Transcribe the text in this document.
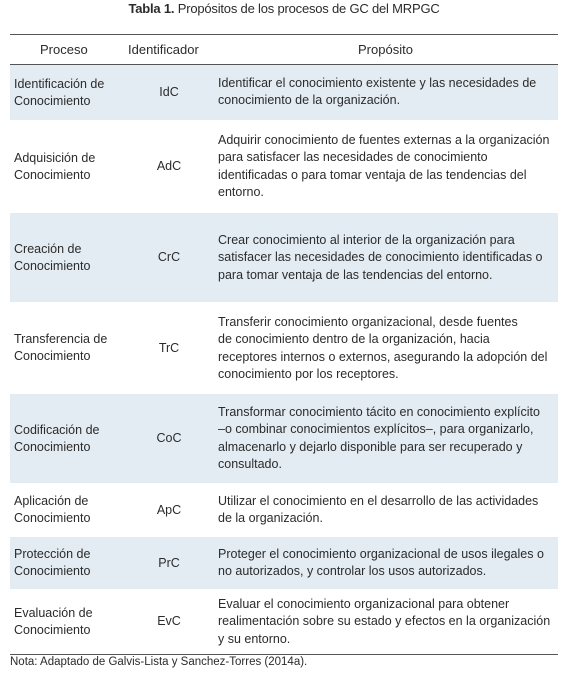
Tabla 1. Propósitos de los procesos de GC del MRPGC
Proceso	Identificador	Propósito
Identificación de
Conocimiento
IdC
Identificar el conocimiento existente y las necesidades de
conocimiento de la organización.
Adquisición de
Conocimiento
AdC
Adquirir conocimiento de fuentes externas a la organización
para satisfacer las necesidades de conocimiento
identificadas o para tomar ventaja de las tendencias del
entorno.
Creación de
Conocimiento
CrC
Crear conocimiento al interior de la organización para
satisfacer las necesidades de conocimiento identificadas o
para tomar ventaja de las tendencias del entorno.
Transferencia de
Conocimiento
TrC
Transferir conocimiento organizacional, desde fuentes
de conocimiento dentro de la organización, hacia
receptores internos o externos, asegurando la adopción del
conocimiento por los receptores.
Codificación de
Conocimiento
CoC
Transformar conocimiento tácito en conocimiento explícito
–o combinar conocimientos explícitos–, para organizarlo,
almacenarlo y dejarlo disponible para ser recuperado y
consultado.
Aplicación de
Conocimiento
ApC
Utilizar el conocimiento en el desarrollo de las actividades
de la organización.
Protección de
Conocimiento
PrC
Proteger el conocimiento organizacional de usos ilegales o
no autorizados, y controlar los usos autorizados.
Evaluación de
Conocimiento
EvC
Evaluar el conocimiento organizacional para obtener
realimentación sobre su estado y efectos en la organización
y su entorno.
Nota: Adaptado de Galvis-Lista y Sanchez-Torres (2014a).
